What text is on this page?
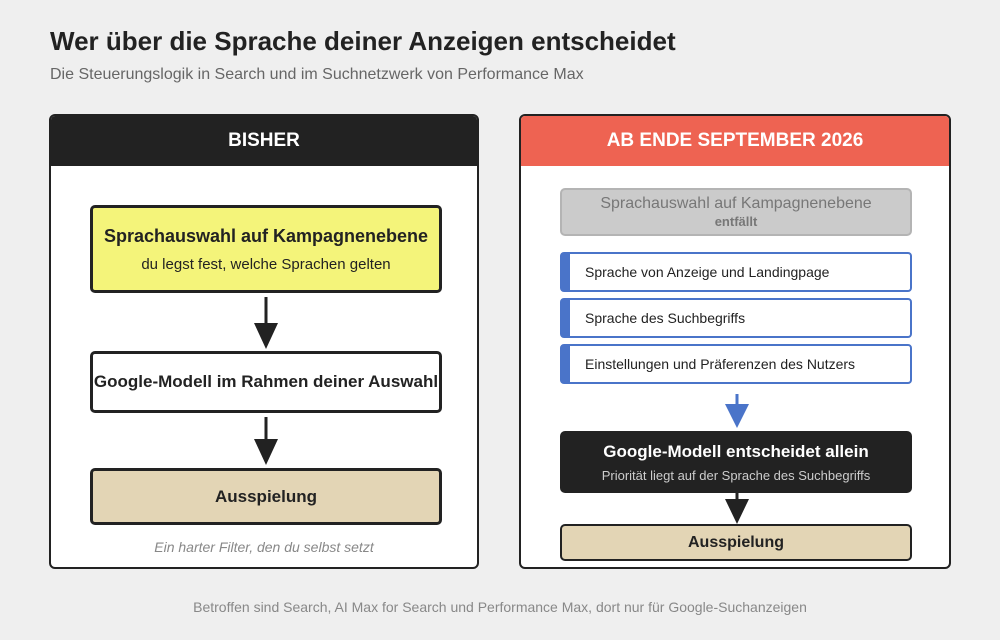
Wer über die Sprache deiner Anzeigen entscheidet
Die Steuerungslogik in Search und im Suchnetzwerk von Performance Max
BISHER
Sprachauswahl auf Kampagnenebene
du legst fest, welche Sprachen gelten
Google-Modell im Rahmen deiner Auswahl
Ausspielung
Ein harter Filter, den du selbst setzt
AB ENDE SEPTEMBER 2026
Sprachauswahl auf Kampagnenebene
entfällt
Sprache von Anzeige und Landingpage
Sprache des Suchbegriffs
Einstellungen und Präferenzen des Nutzers
Google-Modell entscheidet allein
Priorität liegt auf der Sprache des Suchbegriffs
Ausspielung
Betroffen sind Search, AI Max for Search und Performance Max, dort nur für Google-Suchanzeigen
